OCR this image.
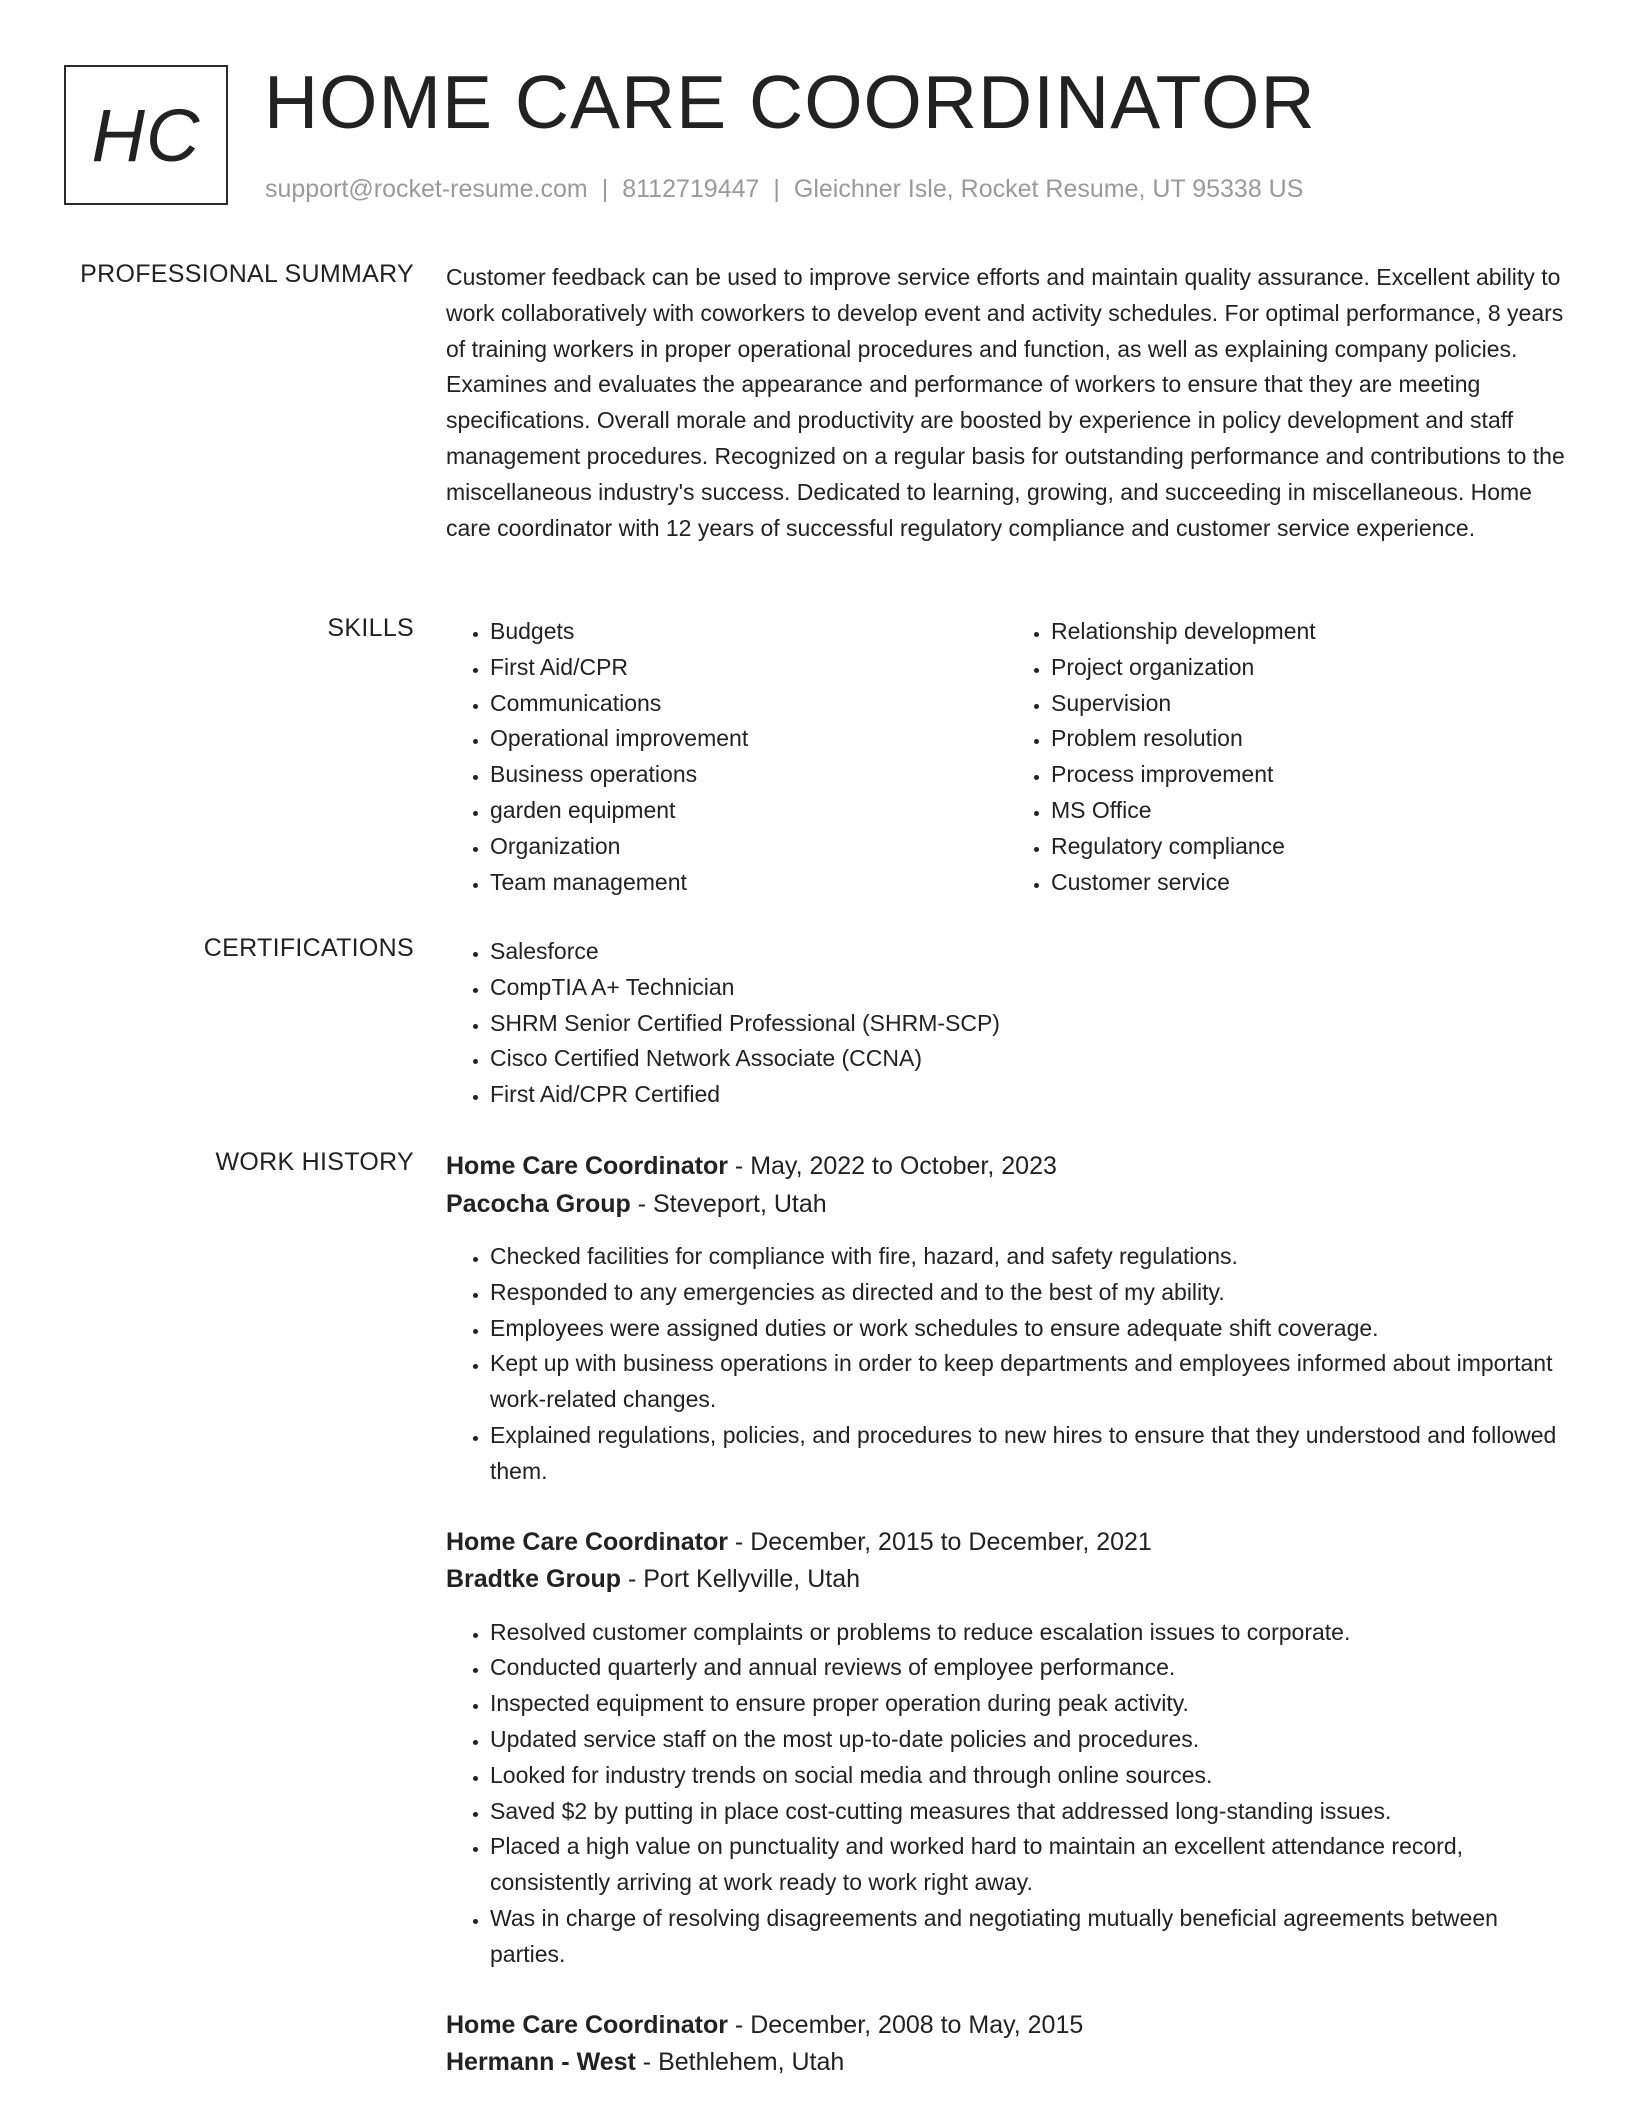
HC HOME CARE COORDINATOR
support@rocket-resume.com | 8112719447 | Gleichner Isle, Rocket Resume, UT 95338 US
PROFESSIONAL SUMMARY Customer feedback can be used to improve service efforts and maintain quality assurance. Excellent ability to work collaboratively with coworkers to develop event and activity schedules. For optimal performance, 8 years of training workers in proper operational procedures and function, as well as explaining company policies. Examines and evaluates the appearance and performance of workers to ensure that they are meeting specifications. Overall morale and productivity are boosted by experience in policy development and staff management procedures. Recognized on a regular basis for outstanding performance and contributions to the miscellaneous industry's success. Dedicated to learning, growing, and succeeding in miscellaneous. Home care coordinator with 12 years of successful regulatory compliance and customer service experience.

SKILLS	• Budgets
• First Aid/CPR
• Communications
• Operational improvement
• Business operations
• garden equipment
• Organization
• Team management
• Relationship development
• Project organization
• Supervision
• Problem resolution
• Process improvement
• MS Office
• Regulatory compliance
• Customer service
CERTIFICATIONS	• Salesforce
• CompTIA A+ Technician
• SHRM Senior Certified Professional (SHRM-SCP)
• Cisco Certified Network Associate (CCNA)
• First Aid/CPR Certified
WORK HISTORY Home Care Coordinator - May, 2022 to October, 2023
Pacocha Group - Steveport, Utah
• Checked facilities for compliance with fire, hazard, and safety regulations.
• Responded to any emergencies as directed and to the best of my ability.
• Employees were assigned duties or work schedules to ensure adequate shift coverage.
• Kept up with business operations in order to keep departments and employees informed about important work-related changes.
• Explained regulations, policies, and procedures to new hires to ensure that they understood and followed them.
Home Care Coordinator - December, 2015 to December, 2021
Bradtke Group - Port Kellyville, Utah
• Resolved customer complaints or problems to reduce escalation issues to corporate.
• Conducted quarterly and annual reviews of employee performance.
• Inspected equipment to ensure proper operation during peak activity.
• Updated service staff on the most up-to-date policies and procedures.
• Looked for industry trends on social media and through online sources.
• Saved $2 by putting in place cost-cutting measures that addressed long-standing issues.
• Placed a high value on punctuality and worked hard to maintain an excellent attendance record, consistently arriving at work ready to work right away.
• Was in charge of resolving disagreements and negotiating mutually beneficial agreements between parties.
Home Care Coordinator - December, 2008 to May, 2015
Hermann - West - Bethlehem, Utah
